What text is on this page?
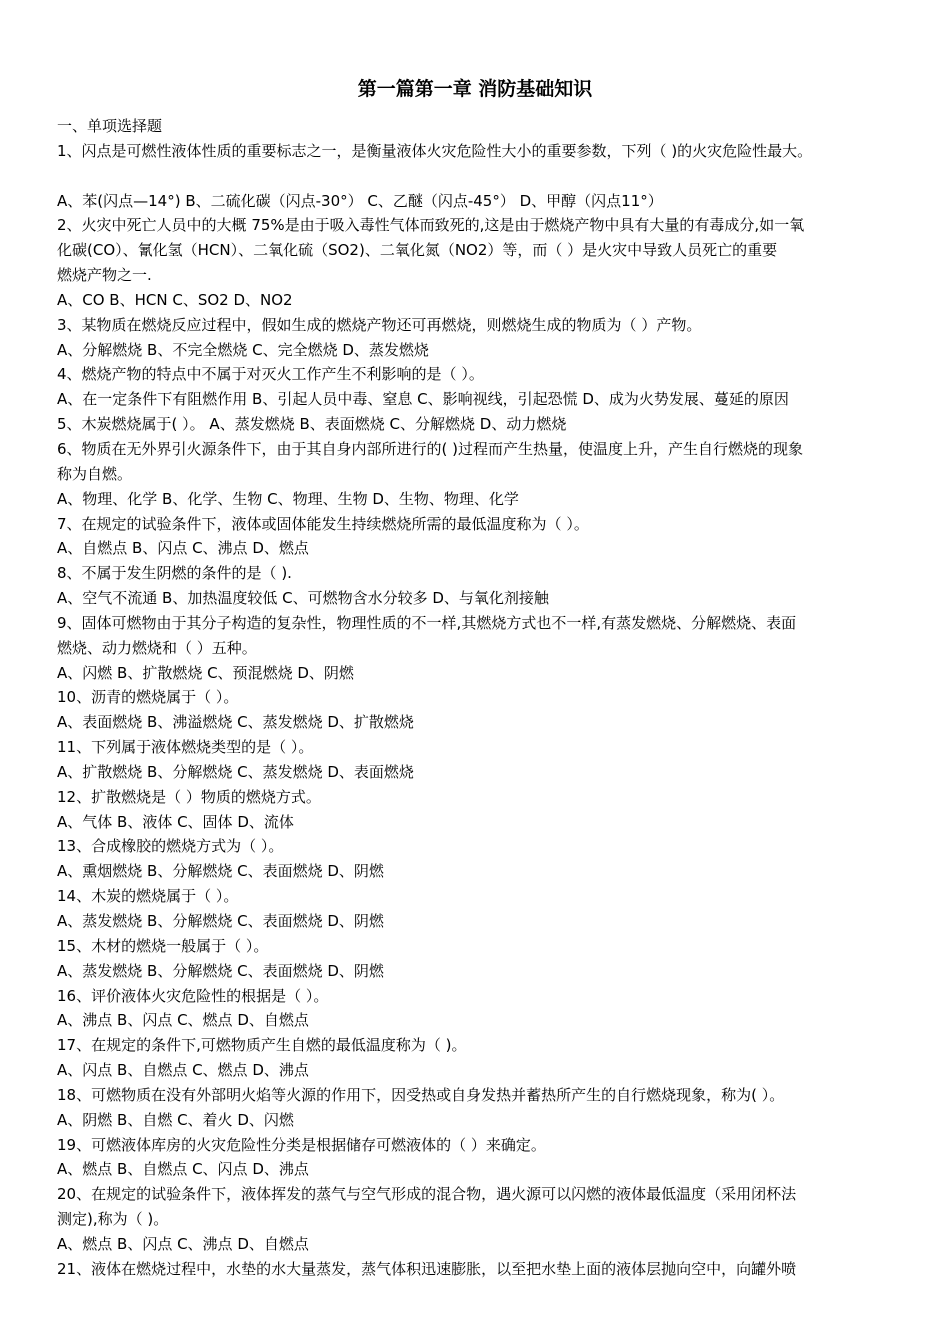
第一篇第一章 消防基础知识
一、单项选择题
1、闪点是可燃性液体性质的重要标志之一，是衡量液体火灾危险性大小的重要参数，下列（ )的火灾危险性最大。
A、苯(闪点—14°) B、二硫化碳（闪点-30°） C、乙醚（闪点-45°） D、甲醇（闪点11°）
2、火灾中死亡人员中的大概 75%是由于吸入毒性气体而致死的,这是由于燃烧产物中具有大量的有毒成分,如一氧
化碳(CO）、氰化氢（HCN）、二氧化硫（SO2)、二氧化氮（NO2）等，而（ ）是火灾中导致人员死亡的重要
燃烧产物之一.
A、CO B、HCN C、SO2 D、NO2
3、某物质在燃烧反应过程中，假如生成的燃烧产物还可再燃烧，则燃烧生成的物质为（ ）产物。
A、分解燃烧 B、不完全燃烧 C、完全燃烧 D、蒸发燃烧
4、燃烧产物的特点中不属于对灭火工作产生不利影响的是（ ）。
A、在一定条件下有阻燃作用 B、引起人员中毒、窒息 C、影响视线，引起恐慌 D、成为火势发展、蔓延的原因
5、木炭燃烧属于( ）。 A、蒸发燃烧 B、表面燃烧 C、分解燃烧 D、动力燃烧
6、物质在无外界引火源条件下，由于其自身内部所进行的( )过程而产生热量，使温度上升，产生自行燃烧的现象
称为自燃。
A、物理、化学 B、化学、生物 C、物理、生物 D、生物、物理、化学
7、在规定的试验条件下，液体或固体能发生持续燃烧所需的最低温度称为（ ）。
A、自燃点 B、闪点 C、沸点 D、燃点
8、不属于发生阴燃的条件的是（ ).
A、空气不流通 B、加热温度较低 C、可燃物含水分较多 D、与氧化剂接触
9、固体可燃物由于其分子构造的复杂性，物理性质的不一样,其燃烧方式也不一样,有蒸发燃烧、分解燃烧、表面
燃烧、动力燃烧和（ ）五种。
A、闪燃 B、扩散燃烧 C、预混燃烧 D、阴燃
10、沥青的燃烧属于（ ）。
A、表面燃烧 B、沸溢燃烧 C、蒸发燃烧 D、扩散燃烧
11、下列属于液体燃烧类型的是（ ）。
A、扩散燃烧 B、分解燃烧 C、蒸发燃烧 D、表面燃烧
12、扩散燃烧是（ ）物质的燃烧方式。
A、气体 B、液体 C、固体 D、流体
13、合成橡胶的燃烧方式为（ ）。
A、熏烟燃烧 B、分解燃烧 C、表面燃烧 D、阴燃
14、木炭的燃烧属于（ ）。
A、蒸发燃烧 B、分解燃烧 C、表面燃烧 D、阴燃
15、木材的燃烧一般属于（ ）。
A、蒸发燃烧 B、分解燃烧 C、表面燃烧 D、阴燃
16、评价液体火灾危险性的根据是（ ）。
A、沸点 B、闪点 C、燃点 D、自燃点
17、在规定的条件下,可燃物质产生自燃的最低温度称为（ )。
A、闪点 B、自燃点 C、燃点 D、沸点
18、可燃物质在没有外部明火焰等火源的作用下，因受热或自身发热并蓄热所产生的自行燃烧现象，称为( ）。
A、阴燃 B、自燃 C、着火 D、闪燃
19、可燃液体库房的火灾危险性分类是根据储存可燃液体的（ ）来确定。
A、燃点 B、自燃点 C、闪点 D、沸点
20、在规定的试验条件下，液体挥发的蒸气与空气形成的混合物，遇火源可以闪燃的液体最低温度（采用闭杯法
测定),称为（ )。
A、燃点 B、闪点 C、沸点 D、自燃点
21、液体在燃烧过程中，水垫的水大量蒸发，蒸气体积迅速膨胀，以至把水垫上面的液体层抛向空中，向罐外喷
